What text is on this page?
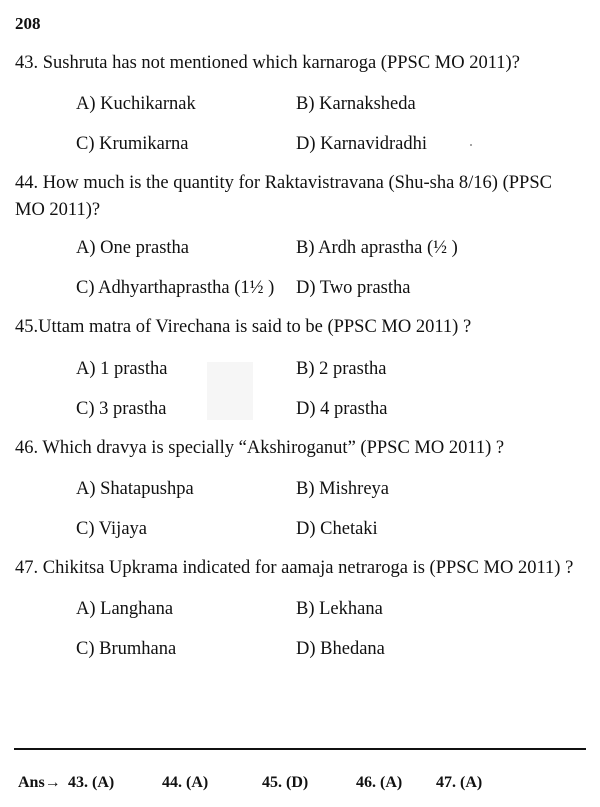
208
43. Sushruta has not mentioned which karnaroga (PPSC MO 2011)?
A) Kuchikarnak	B) Karnaksheda
C) Krumikarna	D) Karnavidradhi
44. How much is the quantity for Raktavistravana (Shu-sha 8/16) (PPSC MO 2011)?
A) One prastha	B) Ardh aprastha (½ )
C) Adhyarthaprastha (1½ ) D) Two prastha
45.Uttam matra of Virechana is said to be (PPSC MO 2011) ?
A) 1 prastha	B) 2 prastha
C) 3 prastha	D) 4 prastha
46. Which dravya is specially “Akshiroganut” (PPSC MO 2011) ?
A) Shatapushpa	B) Mishreya
C) Vijaya	D) Chetaki
47. Chikitsa Upkrama indicated for aamaja netraroga is (PPSC MO 2011) ?
A) Langhana	B) Lekhana
C) Brumhana	D) Bhedana
Ans→ 43. (A)	44. (A)	45. (D)	46. (A) 47. (A)
